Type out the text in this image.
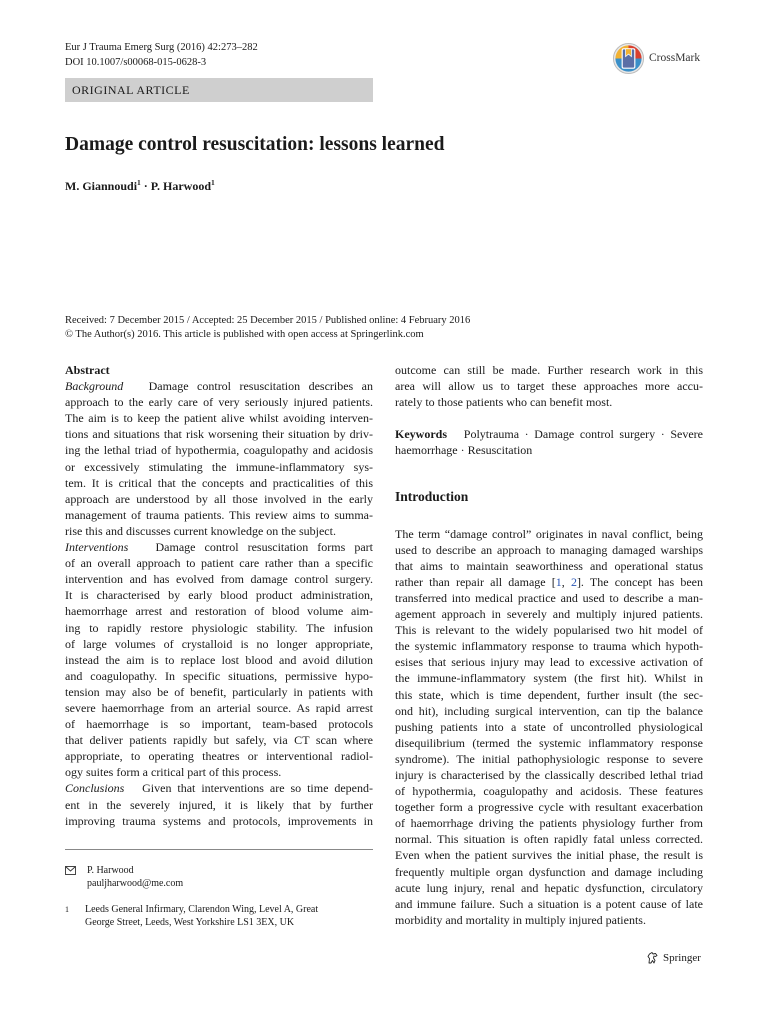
Eur J Trauma Emerg Surg (2016) 42:273–282
DOI 10.1007/s00068-015-0628-3	CrossMark
ORIGINAL ARTICLE
Damage control resuscitation: lessons learned
M. Giannoudi$^1$ · P. Harwood$^1$
Received: 7 December 2015 / Accepted: 25 December 2015 / Published online: 4 February 2016
© The Author(s) 2016. This article is published with open access at Springerlink.com
Abstract
Background Damage control resuscitation describes an
approach to the early care of very seriously injured patients.
The aim is to keep the patient alive whilst avoiding interven-
tions and situations that risk worsening their situation by driv-
ing the lethal triad of hypothermia, coagulopathy and acidosis
or excessively stimulating the immune-inflammatory sys-
tem. It is critical that the concepts and practicalities of this
approach are understood by all those involved in the early
management of trauma patients. This review aims to summa-
rise this and discusses current knowledge on the subject.
Interventions Damage control resuscitation forms part
of an overall approach to patient care rather than a specific
intervention and has evolved from damage control surgery.
It is characterised by early blood product administration,
haemorrhage arrest and restoration of blood volume aim-
ing to rapidly restore physiologic stability. The infusion
of large volumes of crystalloid is no longer appropriate,
instead the aim is to replace lost blood and avoid dilution
and coagulopathy. In specific situations, permissive hypo-
tension may also be of benefit, particularly in patients with
severe haemorrhage from an arterial source. As rapid arrest
of haemorrhage is so important, team-based protocols
that deliver patients rapidly but safely, via CT scan where
appropriate, to operating theatres or interventional radiol-
ogy suites form a critical part of this process.
Conclusions Given that interventions are so time depend-
ent in the severely injured, it is likely that by further
improving trauma systems and protocols, improvements in
P. Harwood
pauljharwood@me.com
1	Leeds General Infirmary, Clarendon Wing, Level A, Great
George Street, Leeds, West Yorkshire LS1 3EX, UK
outcome can still be made. Further research work in this
area will allow us to target these approaches more accu-
rately to those patients who can benefit most.
Keywords Polytrauma · Damage control surgery · Severe
haemorrhage · Resuscitation
Introduction
The term “damage control” originates in naval conflict, being
used to describe an approach to managing damaged warships
that aims to maintain seaworthiness and operational status
rather than repair all damage [1, 2]. The concept has been
transferred into medical practice and used to describe a man-
agement approach in severely and multiply injured patients.
This is relevant to the widely popularised two hit model of
the systemic inflammatory response to trauma which hypoth-
esises that serious injury may lead to excessive activation of
the immune-inflammatory system (the first hit). Whilst in
this state, which is time dependent, further insult (the sec-
ond hit), including surgical intervention, can tip the balance
pushing patients into a state of uncontrolled physiological
disequilibrium (termed the systemic inflammatory response
syndrome). The initial pathophysiologic response to severe
injury is characterised by the classically described lethal triad
of hypothermia, coagulopathy and acidosis. These features
together form a progressive cycle with resultant exacerbation
of haemorrhage driving the patients physiology further from
normal. This situation is often rapidly fatal unless corrected.
Even when the patient survives the initial phase, the result is
frequently multiple organ dysfunction and damage including
acute lung injury, renal and hepatic dysfunction, circulatory
and immune failure. Such a situation is a potent cause of late
morbidity and mortality in multiply injured patients.
Springer
